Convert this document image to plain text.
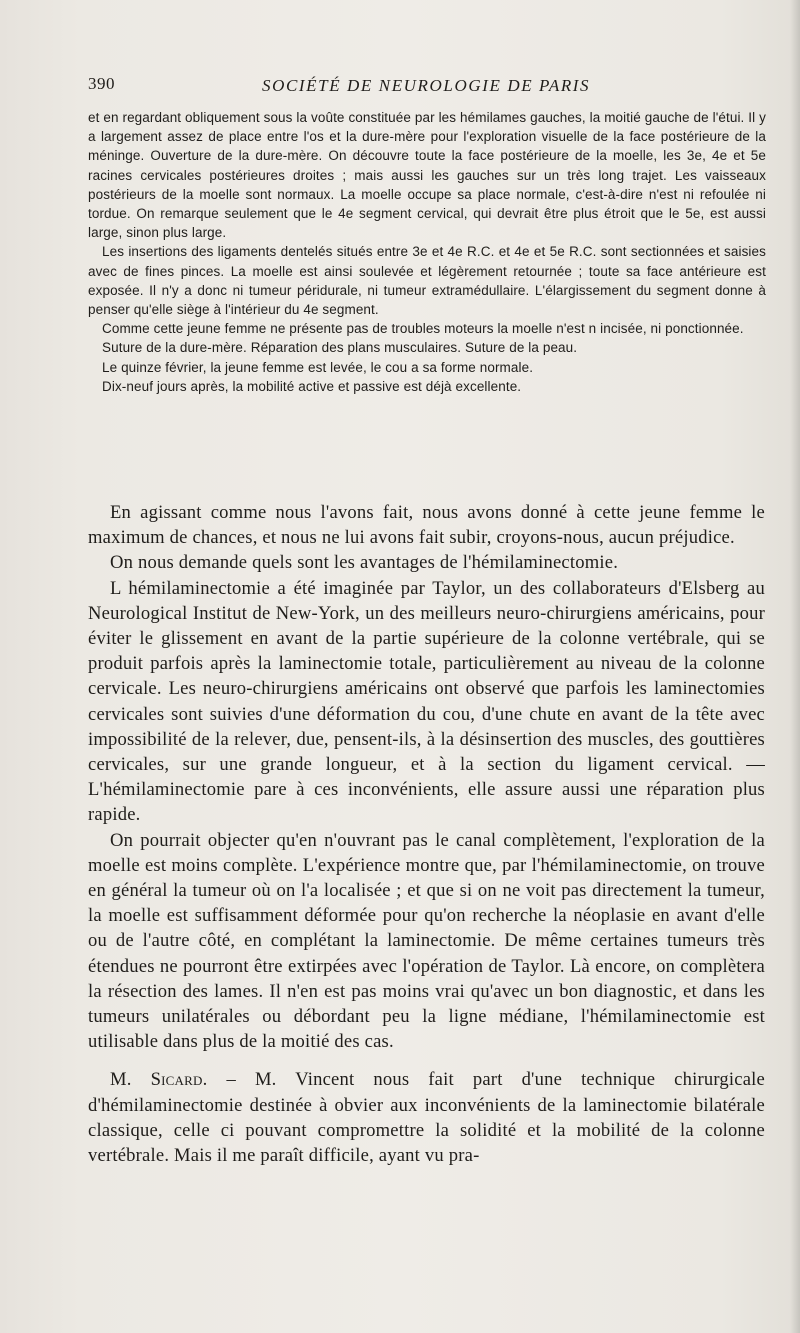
390	SOCIÉTÉ DE NEUROLOGIE DE PARIS

et en regardant obliquement sous la voûte constituée par les hémilames gauches, la moitié gauche de l'étui. Il y a largement assez de place entre l'os et la dure-mère pour l'exploration visuelle de la face postérieure de la méninge. Ouverture de la dure-mère. On découvre toute la face postérieure de la moelle, les 3e, 4e et 5e racines cervicales postérieures droites ; mais aussi les gauches sur un très long trajet. Les vaisseaux postérieurs de la moelle sont normaux. La moelle occupe sa place normale, c'est-à-dire n'est ni refoulée ni tordue. On remarque seulement que le 4e segment cervical, qui devrait être plus étroit que le 5e, est aussi large, sinon plus large.

Les insertions des ligaments dentelés situés entre 3e et 4e R.C. et 4e et 5e R.C. sont sectionnées et saisies avec de fines pinces. La moelle est ainsi soulevée et légèrement retournée ; toute sa face antérieure est exposée. Il n'y a donc ni tumeur péridurale, ni tumeur extramédullaire. L'élargissement du segment donne à penser qu'elle siège à l'intérieur du 4e segment.

Comme cette jeune femme ne présente pas de troubles moteurs la moelle n'est n incisée, ni ponctionnée.

Suture de la dure-mère. Réparation des plans musculaires. Suture de la peau.

Le quinze février, la jeune femme est levée, le cou a sa forme normale.

Dix-neuf jours après, la mobilité active et passive est déjà excellente.

En agissant comme nous l'avons fait, nous avons donné à cette jeune femme le maximum de chances, et nous ne lui avons fait subir, croyons-nous, aucun préjudice.

On nous demande quels sont les avantages de l'hémilaminectomie.

L hémilaminectomie a été imaginée par Taylor, un des collaborateurs d'Elsberg au Neurological Institut de New-York, un des meilleurs neuro-chirurgiens américains, pour éviter le glissement en avant de la partie supérieure de la colonne vertébrale, qui se produit parfois après la laminectomie totale, particulièrement au niveau de la colonne cervicale. Les neuro-chirurgiens américains ont observé que parfois les laminectomies cervicales sont suivies d'une déformation du cou, d'une chute en avant de la tête avec impossibilité de la relever, due, pensent-ils, à la désinsertion des muscles, des gouttières cervicales, sur une grande longueur, et à la section du ligament cervical. — L'hémilaminectomie pare à ces inconvénients, elle assure aussi une réparation plus rapide.

On pourrait objecter qu'en n'ouvrant pas le canal complètement, l'exploration de la moelle est moins complète. L'expérience montre que, par l'hémilaminectomie, on trouve en général la tumeur où on l'a localisée ; et que si on ne voit pas directement la tumeur, la moelle est suffisamment déformée pour qu'on recherche la néoplasie en avant d'elle ou de l'autre côté, en complétant la laminectomie. De même certaines tumeurs très étendues ne pourront être extirpées avec l'opération de Taylor. Là encore, on complètera la résection des lames. Il n'en est pas moins vrai qu'avec un bon diagnostic, et dans les tumeurs unilatérales ou débordant peu la ligne médiane, l'hémilaminectomie est utilisable dans plus de la moitié des cas.

M. Sicard. – M. Vincent nous fait part d'une technique chirurgicale d'hémilaminectomie destinée à obvier aux inconvénients de la laminectomie bilatérale classique, celle ci pouvant compromettre la solidité et la mobilité de la colonne vertébrale. Mais il me paraît difficile, ayant vu pra-
